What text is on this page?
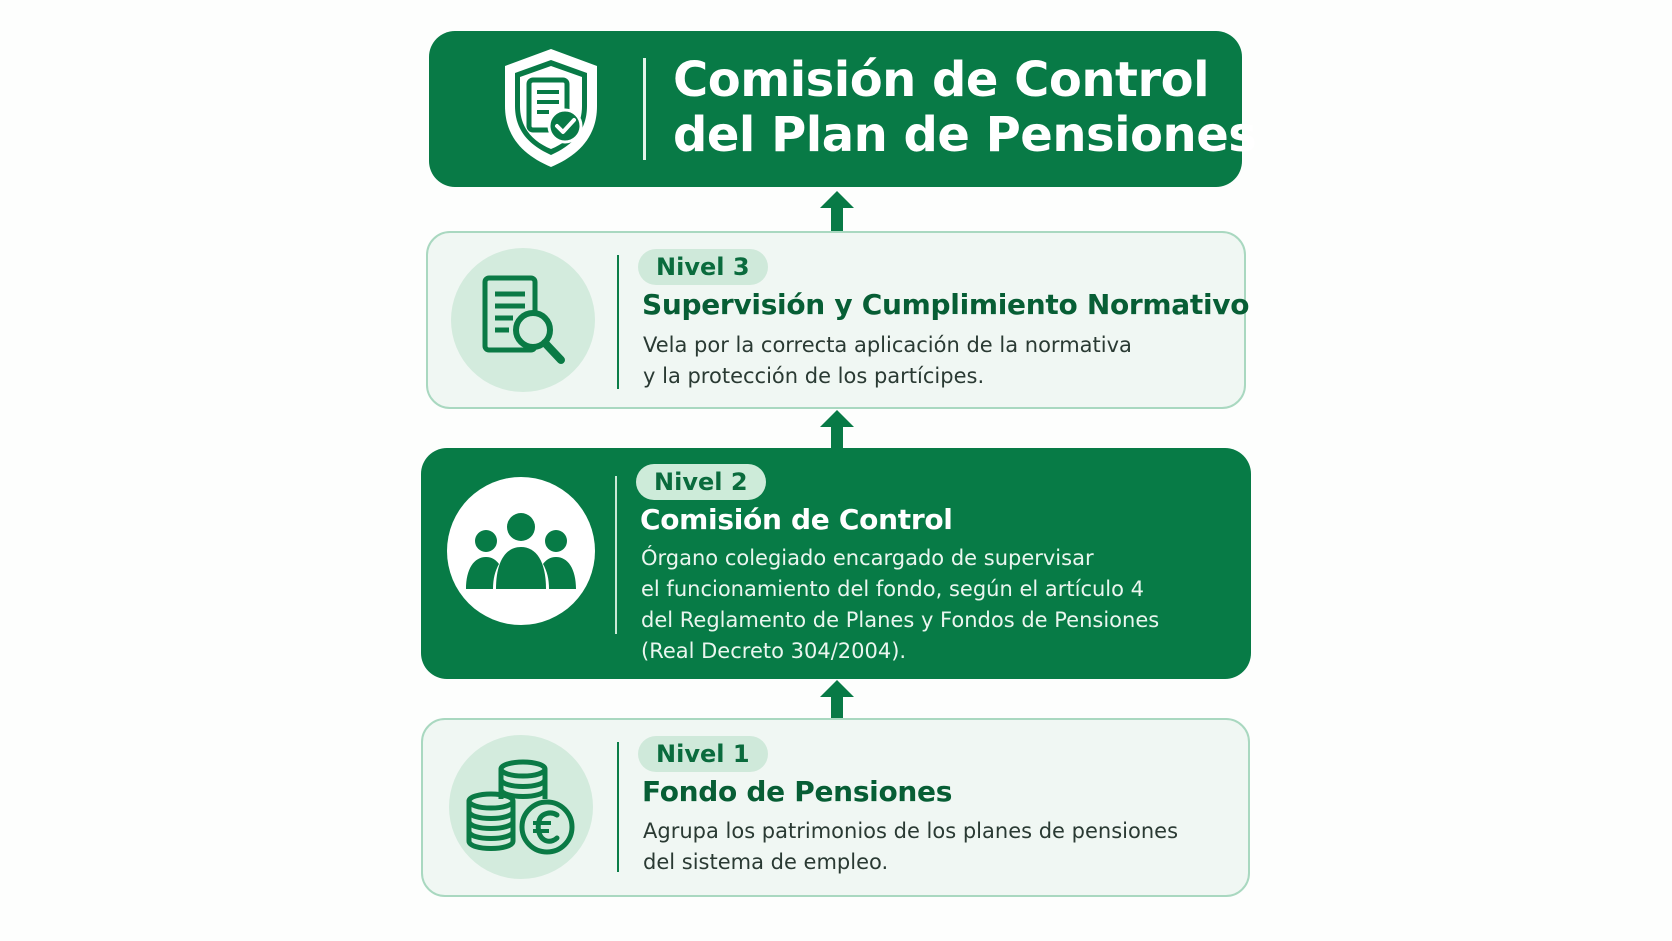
Comisión de Control
del Plan de Pensiones
Nivel 3
Supervisión y Cumplimiento Normativo
Vela por la correcta aplicación de la normativa
y la protección de los partícipes.
Nivel 2
Comisión de Control
Órgano colegiado encargado de supervisar
el funcionamiento del fondo, según el artículo 4
del Reglamento de Planes y Fondos de Pensiones
(Real Decreto 304/2004).
Nivel 1
Fondo de Pensiones
Agrupa los patrimonios de los planes de pensiones
del sistema de empleo.
